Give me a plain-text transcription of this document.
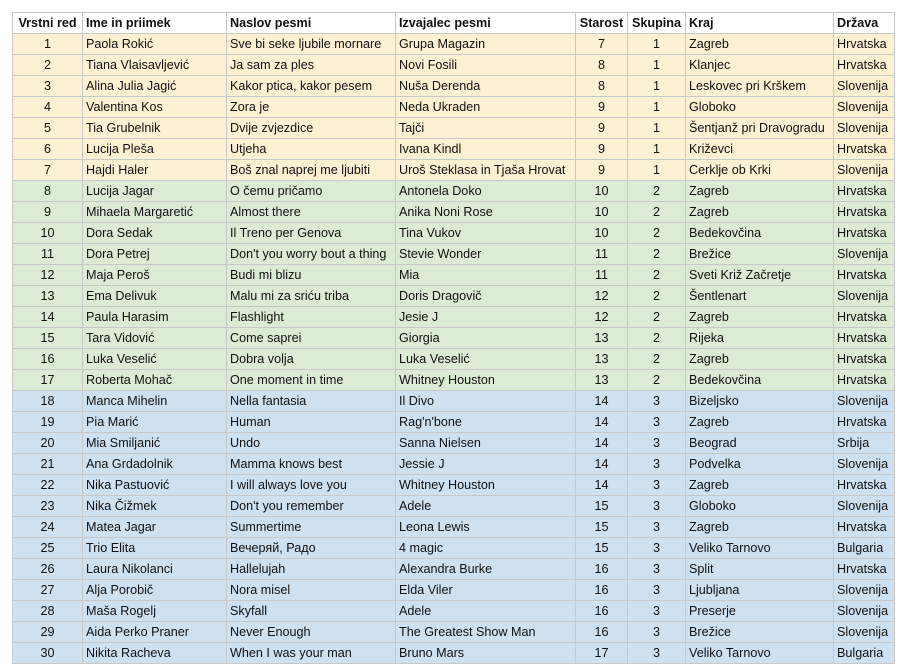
Vrstni red	Ime in priimek	Naslov pesmi	Izvajalec pesmi	Starost	Skupina	Kraj	Država
1	Paola Rokić	Sve bi seke ljubile mornare	Grupa Magazin	7	1	Zagreb	Hrvatska
2	Tiana Vlaisavljević	Ja sam za ples	Novi Fosili	8	1	Klanjec	Hrvatska
3	Alina Julia Jagić	Kakor ptica, kakor pesem	Nuša Derenda	8	1	Leskovec pri Krškem	Slovenija
4	Valentina Kos	Zora je	Neda Ukraden	9	1	Globoko	Slovenija
5	Tia Grubelnik	Dvije zvjezdice	Tajči	9	1	Šentjanž pri Dravogradu	Slovenija
6	Lucija Pleša	Utjeha	Ivana Kindl	9	1	Križevci	Hrvatska
7	Hajdi Haler	Boš znal naprej me ljubiti	Uroš Steklasa in Tjaša Hrovat	9	1	Cerklje ob Krki	Slovenija
8	Lucija Jagar	O čemu pričamo	Antonela Doko	10	2	Zagreb	Hrvatska
9	Mihaela Margaretić	Almost there	Anika Noni Rose	10	2	Zagreb	Hrvatska
10	Dora Sedak	Il Treno per Genova	Tina Vukov	10	2	Bedekovčina	Hrvatska
11	Dora Petrej	Don't you worry bout a thing	Stevie Wonder	11	2	Brežice	Slovenija
12	Maja Peroš	Budi mi blizu	Mia	11	2	Sveti Križ Začretje	Hrvatska
13	Ema Delivuk	Malu mi za sriću triba	Doris Dragovič	12	2	Šentlenart	Slovenija
14	Paula Harasim	Flashlight	Jesie J	12	2	Zagreb	Hrvatska
15	Tara Vidović	Come saprei	Giorgia	13	2	Rijeka	Hrvatska
16	Luka Veselić	Dobra volja	Luka Veselić	13	2	Zagreb	Hrvatska
17	Roberta Mohač	One moment in time	Whitney Houston	13	2	Bedekovčina	Hrvatska
18	Manca Mihelin	Nella fantasia	Il Divo	14	3	Bizeljsko	Slovenija
19	Pia Marić	Human	Rag'n'bone	14	3	Zagreb	Hrvatska
20	Mia Smiljanić	Undo	Sanna Nielsen	14	3	Beograd	Srbija
21	Ana Grdadolnik	Mamma knows best	Jessie J	14	3	Podvelka	Slovenija
22	Nika Pastuović	I will always love you	Whitney Houston	14	3	Zagreb	Hrvatska
23	Nika Čižmek	Don't you remember	Adele	15	3	Globoko	Slovenija
24	Matea Jagar	Summertime	Leona Lewis	15	3	Zagreb	Hrvatska
25	Trio Elita	Вечеряй, Радо	4 magic	15	3	Veliko Tarnovo	Bulgaria
26	Laura Nikolanci	Hallelujah	Alexandra Burke	16	3	Split	Hrvatska
27	Alja Porobič	Nora misel	Elda Viler	16	3	Ljubljana	Slovenija
28	Maša Rogelj	Skyfall	Adele	16	3	Preserje	Slovenija
29	Aida Perko Praner	Never Enough	The Greatest Show Man	16	3	Brežice	Slovenija
30	Nikita Racheva	When I was your man	Bruno Mars	17	3	Veliko Tarnovo	Bulgaria
